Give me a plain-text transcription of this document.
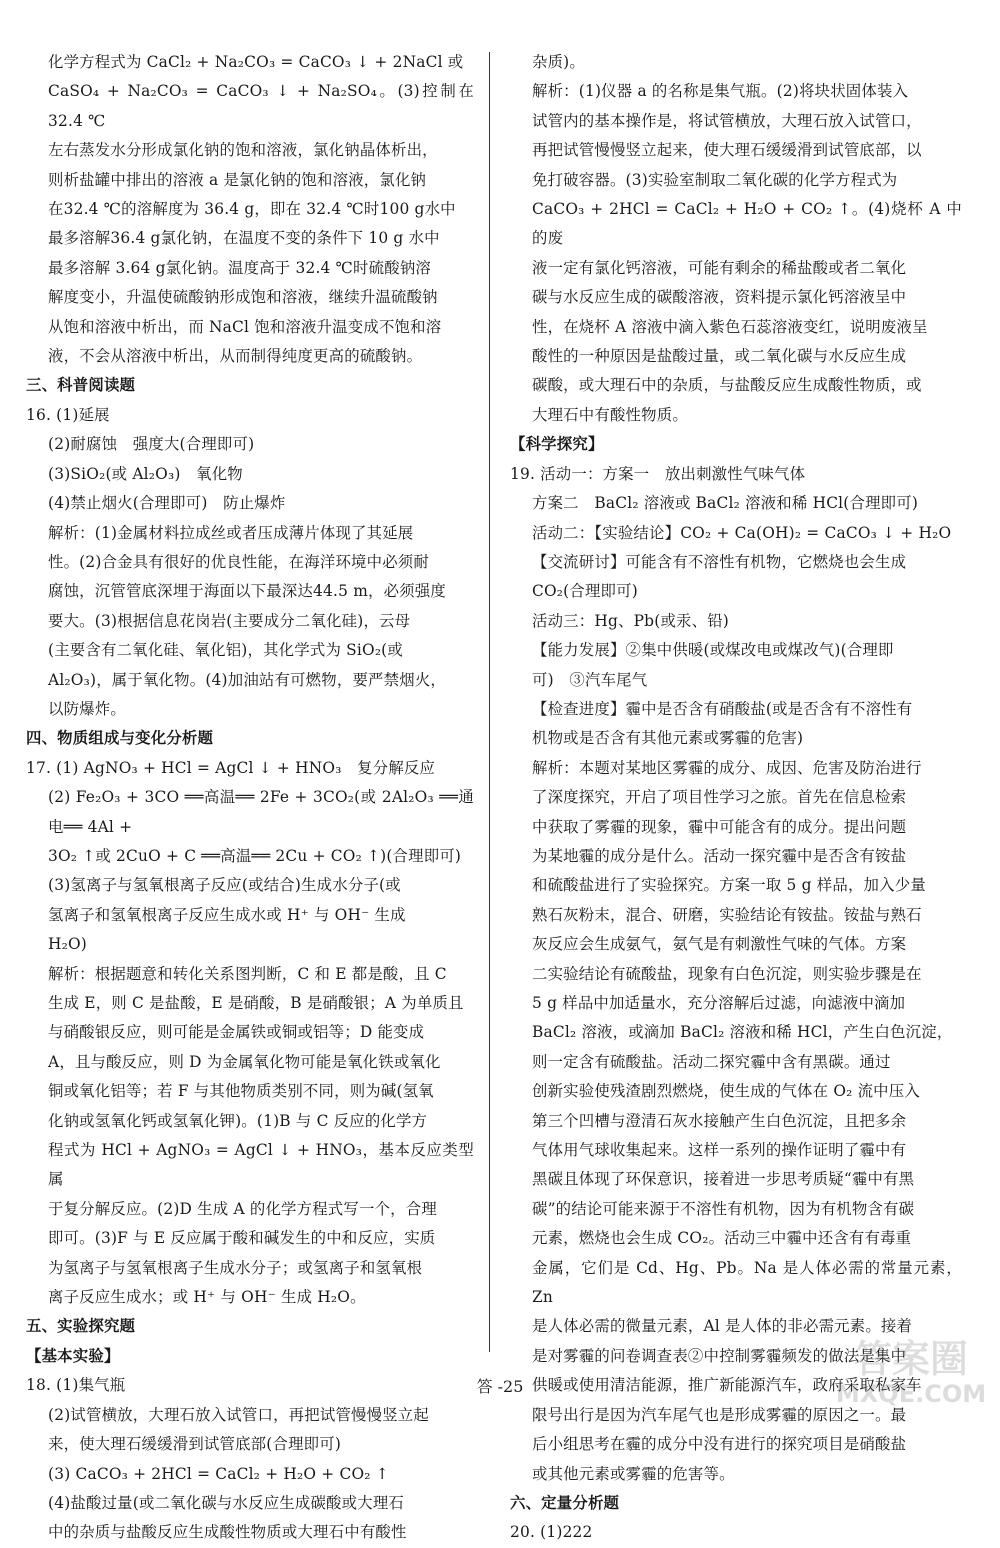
化学方程式为 CaCl₂ + Na₂CO₃ = CaCO₃ ↓ + 2NaCl 或
CaSO₄ + Na₂CO₃ = CaCO₃ ↓ + Na₂SO₄。(3)控制在32.4 ℃
左右蒸发水分形成氯化钠的饱和溶液，氯化钠晶体析出，
则析盐罐中排出的溶液 a 是氯化钠的饱和溶液，氯化钠
在32.4 ℃的溶解度为 36.4 g，即在 32.4 ℃时100 g水中
最多溶解36.4 g氯化钠，在温度不变的条件下 10 g 水中
最多溶解 3.64 g氯化钠。温度高于 32.4 ℃时硫酸钠溶
解度变小，升温使硫酸钠形成饱和溶液，继续升温硫酸钠
从饱和溶液中析出，而 NaCl 饱和溶液升温变成不饱和溶
液，不会从溶液中析出，从而制得纯度更高的硫酸钠。
三、科普阅读题
16. (1)延展
(2)耐腐蚀　强度大(合理即可)
(3)SiO₂(或 Al₂O₃)　氧化物
(4)禁止烟火(合理即可)　防止爆炸
解析：(1)金属材料拉成丝或者压成薄片体现了其延展
性。(2)合金具有很好的优良性能，在海洋环境中必须耐
腐蚀，沉管管底深埋于海面以下最深达44.5 m，必须强度
要大。(3)根据信息花岗岩(主要成分二氧化硅)，云母
(主要含有二氧化硅、氧化铝)，其化学式为 SiO₂(或
Al₂O₃)，属于氧化物。(4)加油站有可燃物，要严禁烟火，
以防爆炸。
四、物质组成与变化分析题
17. (1) AgNO₃ + HCl = AgCl ↓ + HNO₃　复分解反应
(2) Fe₂O₃ + 3CO ══高温══ 2Fe + 3CO₂(或 2Al₂O₃ ══通电══ 4Al +
3O₂ ↑或 2CuO + C ══高温══ 2Cu + CO₂ ↑)(合理即可)
(3)氢离子与氢氧根离子反应(或结合)生成水分子(或
氢离子和氢氧根离子反应生成水或 H⁺ 与 OH⁻ 生成
H₂O)
解析：根据题意和转化关系图判断，C 和 E 都是酸，且 C
生成 E，则 C 是盐酸，E 是硝酸，B 是硝酸银；A 为单质且
与硝酸银反应，则可能是金属铁或铜或铝等；D 能变成
A，且与酸反应，则 D 为金属氧化物可能是氧化铁或氧化
铜或氧化铝等；若 F 与其他物质类别不同，则为碱(氢氧
化钠或氢氧化钙或氢氧化钾)。(1)B 与 C 反应的化学方
程式为 HCl + AgNO₃ = AgCl ↓ + HNO₃，基本反应类型属
于复分解反应。(2)D 生成 A 的化学方程式写一个，合理
即可。(3)F 与 E 反应属于酸和碱发生的中和反应，实质
为氢离子与氢氧根离子生成水分子；或氢离子和氢氧根
离子反应生成水；或 H⁺ 与 OH⁻ 生成 H₂O。
五、实验探究题
【基本实验】
18. (1)集气瓶
(2)试管横放，大理石放入试管口，再把试管慢慢竖立起
来，使大理石缓缓滑到试管底部(合理即可)
(3) CaCO₃ + 2HCl = CaCl₂ + H₂O + CO₂ ↑
(4)盐酸过量(或二氧化碳与水反应生成碳酸或大理石
中的杂质与盐酸反应生成酸性物质或大理石中有酸性
杂质)。
解析：(1)仪器 a 的名称是集气瓶。(2)将块状固体装入
试管内的基本操作是，将试管横放，大理石放入试管口，
再把试管慢慢竖立起来，使大理石缓缓滑到试管底部，以
免打破容器。(3)实验室制取二氧化碳的化学方程式为
CaCO₃ + 2HCl = CaCl₂ + H₂O + CO₂ ↑。(4)烧杯 A 中的废
液一定有氯化钙溶液，可能有剩余的稀盐酸或者二氧化
碳与水反应生成的碳酸溶液，资料提示氯化钙溶液呈中
性，在烧杯 A 溶液中滴入紫色石蕊溶液变红，说明废液呈
酸性的一种原因是盐酸过量，或二氧化碳与水反应生成
碳酸，或大理石中的杂质，与盐酸反应生成酸性物质，或
大理石中有酸性物质。
【科学探究】
19. 活动一：方案一　放出刺激性气味气体
方案二　BaCl₂ 溶液或 BaCl₂ 溶液和稀 HCl(合理即可)
活动二：【实验结论】CO₂ + Ca(OH)₂ = CaCO₃ ↓ + H₂O
【交流研讨】可能含有不溶性有机物，它燃烧也会生成
CO₂(合理即可)
活动三：Hg、Pb(或汞、铅)
【能力发展】②集中供暖(或煤改电或煤改气)(合理即
可)　③汽车尾气
【检查进度】霾中是否含有硝酸盐(或是否含有不溶性有
机物或是否含有其他元素或雾霾的危害)
解析：本题对某地区雾霾的成分、成因、危害及防治进行
了深度探究，开启了项目性学习之旅。首先在信息检索
中获取了雾霾的现象，霾中可能含有的成分。提出问题
为某地霾的成分是什么。活动一探究霾中是否含有铵盐
和硫酸盐进行了实验探究。方案一取 5 g 样品，加入少量
熟石灰粉末，混合、研磨，实验结论有铵盐。铵盐与熟石
灰反应会生成氨气，氨气是有刺激性气味的气体。方案
二实验结论有硫酸盐，现象有白色沉淀，则实验步骤是在
5 g 样品中加适量水，充分溶解后过滤，向滤液中滴加
BaCl₂ 溶液，或滴加 BaCl₂ 溶液和稀 HCl，产生白色沉淀，
则一定含有硫酸盐。活动二探究霾中含有黑碳。通过
创新实验使残渣剧烈燃烧，使生成的气体在 O₂ 流中压入
第三个凹槽与澄清石灰水接触产生白色沉淀，且把多余
气体用气球收集起来。这样一系列的操作证明了霾中有
黑碳且体现了环保意识，接着进一步思考质疑“霾中有黑
碳”的结论可能来源于不溶性有机物，因为有机物含有碳
元素，燃烧也会生成 CO₂。活动三中霾中还含有有毒重
金属，它们是 Cd、Hg、Pb。Na 是人体必需的常量元素，Zn
是人体必需的微量元素，Al 是人体的非必需元素。接着
是对雾霾的问卷调查表②中控制雾霾频发的做法是集中
供暖或使用清洁能源，推广新能源汽车，政府采取私家车
限号出行是因为汽车尾气也是形成雾霾的原因之一。最
后小组思考在霾的成分中没有进行的探究项目是硝酸盐
或其他元素或雾霾的危害等。
六、定量分析题
20. (1)222
答 -25
答案圈
MXQE.COM
